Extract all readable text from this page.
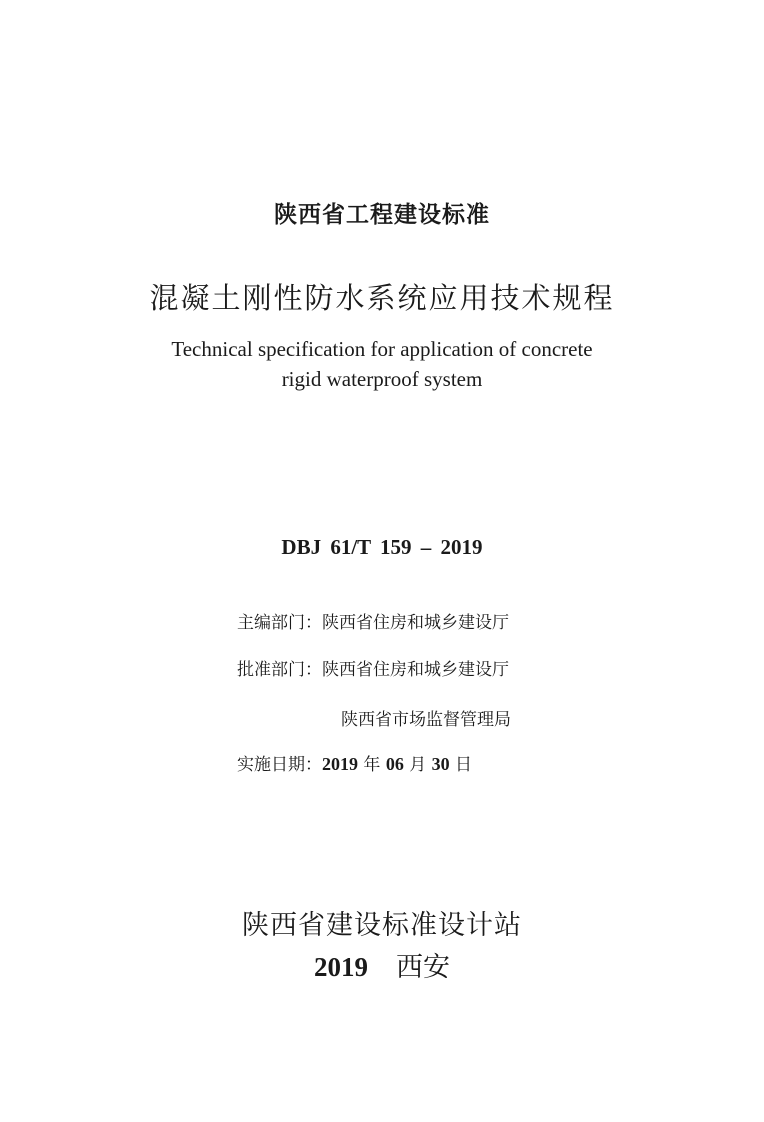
陕西省工程建设标准
混凝土刚性防水系统应用技术规程
Technical specification for application of concrete
rigid waterproof system
DBJ 61/T 159 – 2019
主编部门：陕西省住房和城乡建设厅
批准部门：陕西省住房和城乡建设厅
陕西省市场监督管理局
实施日期：2019 年 06 月 30 日
陕西省建设标准设计站
2019 西安
